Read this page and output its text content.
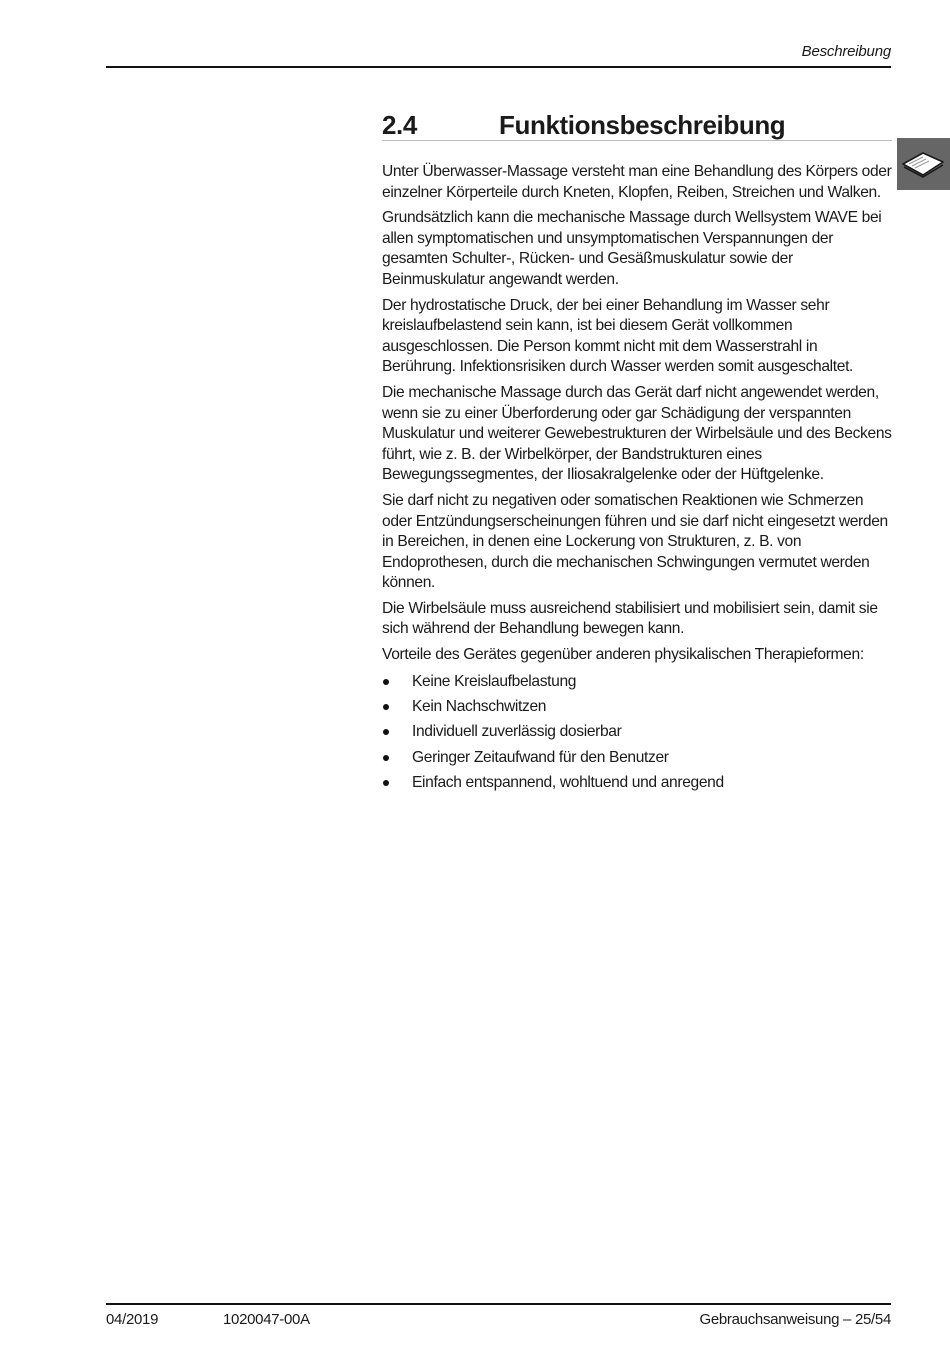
Beschreibung
2.4	Funktionsbeschreibung

Unter Überwasser-Massage versteht man eine Behandlung des Körpers oder einzelner Körperteile durch Kneten, Klopfen, Reiben, Streichen und Walken.

Grundsätzlich kann die mechanische Massage durch Wellsystem WAVE bei allen symptomatischen und unsymptomatischen Verspannungen der gesamten Schulter-, Rücken- und Gesäßmuskulatur sowie der Beinmuskulatur angewandt werden.

Der hydrostatische Druck, der bei einer Behandlung im Wasser sehr kreislaufbelastend sein kann, ist bei diesem Gerät vollkommen ausgeschlossen. Die Person kommt nicht mit dem Wasserstrahl in Berührung. Infektionsrisiken durch Wasser werden somit ausgeschaltet.

Die mechanische Massage durch das Gerät darf nicht angewendet werden, wenn sie zu einer Überforderung oder gar Schädigung der verspannten Muskulatur und weiterer Gewebestrukturen der Wirbelsäule und des Beckens führt, wie z. B. der Wirbelkörper, der Bandstrukturen eines Bewegungssegmentes, der Iliosakralgelenke oder der Hüftgelenke.

Sie darf nicht zu negativen oder somatischen Reaktionen wie Schmerzen oder Entzündungserscheinungen führen und sie darf nicht eingesetzt werden in Bereichen, in denen eine Lockerung von Strukturen, z. B. von Endoprothesen, durch die mechanischen Schwingungen vermutet werden können.

Die Wirbelsäule muss ausreichend stabilisiert und mobilisiert sein, damit sie sich während der Behandlung bewegen kann.

Vorteile des Gerätes gegenüber anderen physikalischen Therapieformen:

Keine Kreislaufbelastung
Kein Nachschwitzen
Individuell zuverlässig dosierbar
Geringer Zeitaufwand für den Benutzer
Einfach entspannend, wohltuend und anregend
04/2019	1020047-00A	Gebrauchsanweisung – 25/54
